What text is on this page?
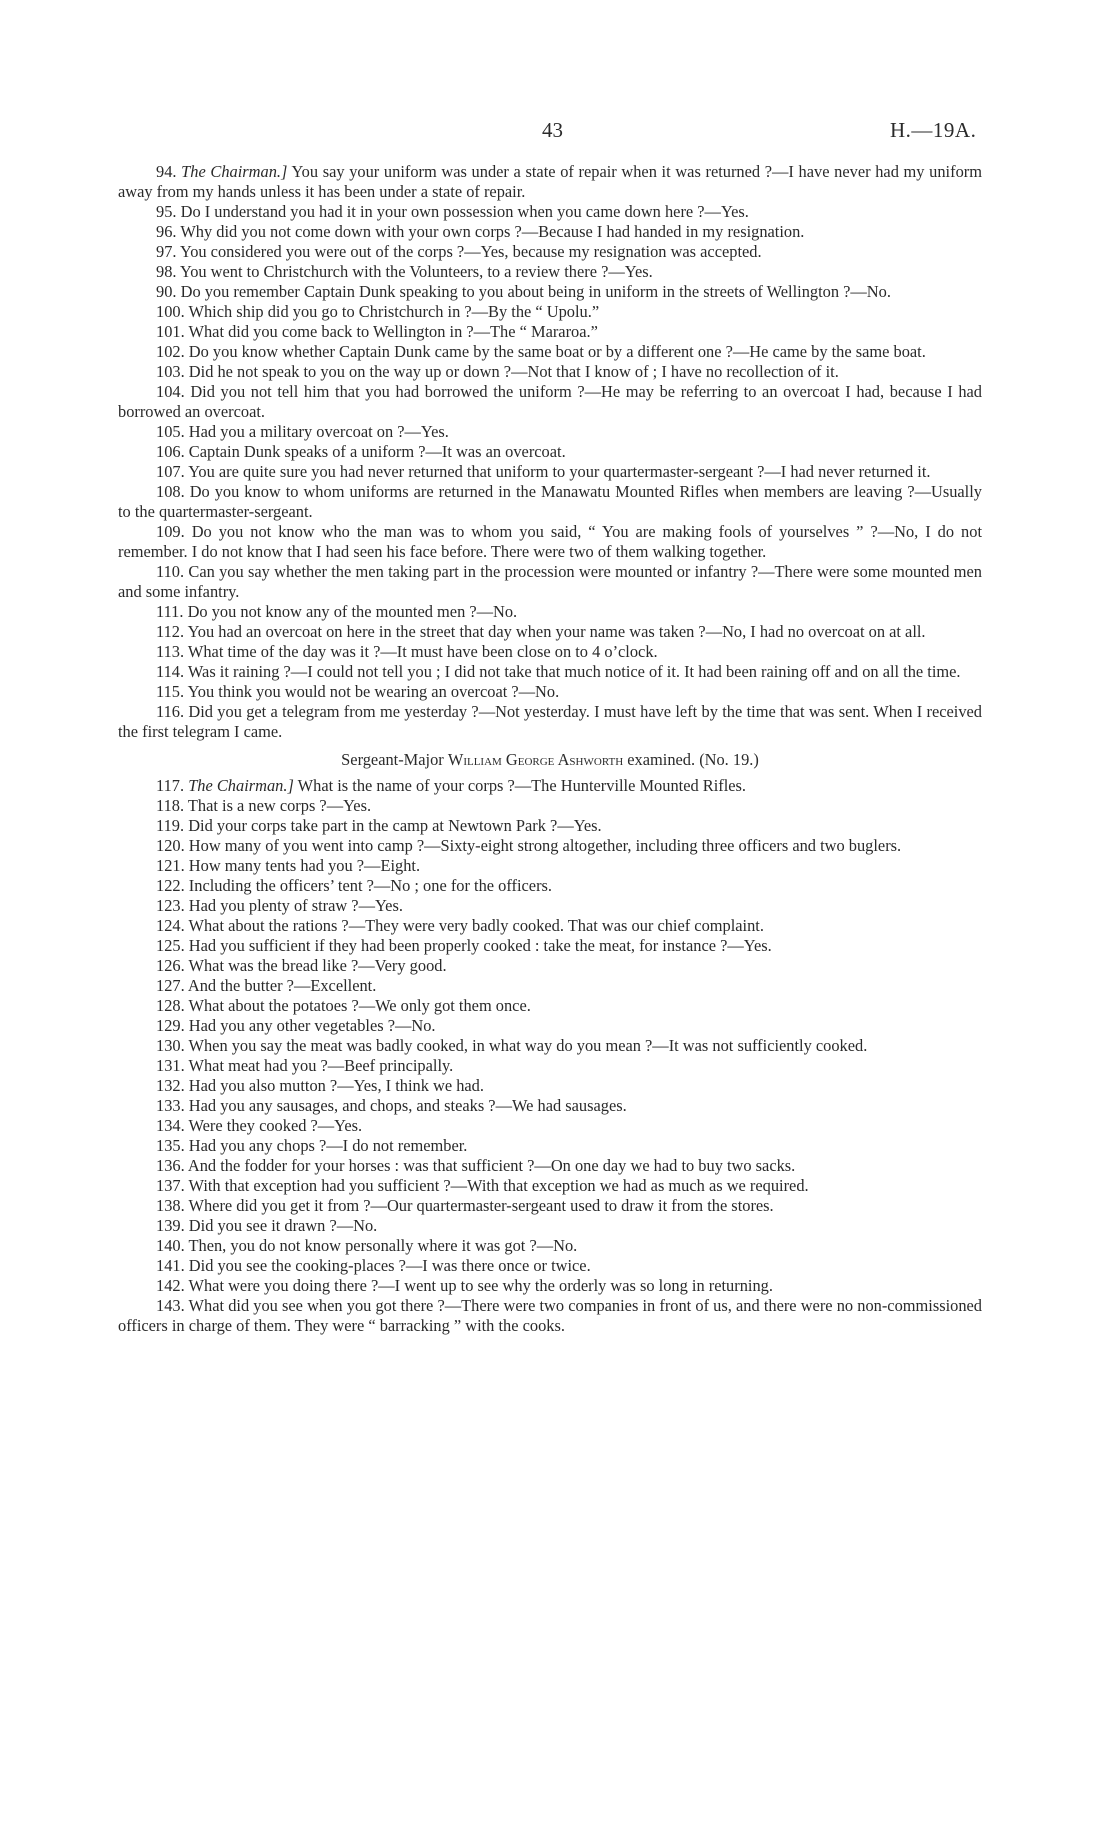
43	H.—19A.

94. The Chairman.] You say your uniform was under a state of repair when it was returned ?—I have never had my uniform away from my hands unless it has been under a state of repair.

95. Do I understand you had it in your own possession when you came down here ?—Yes.

96. Why did you not come down with your own corps ?—Because I had handed in my resignation.

97. You considered you were out of the corps ?—Yes, because my resignation was accepted.

98. You went to Christchurch with the Volunteers, to a review there ?—Yes.

90. Do you remember Captain Dunk speaking to you about being in uniform in the streets of Wellington ?—No.

100. Which ship did you go to Christchurch in ?—By the “ Upolu.”

101. What did you come back to Wellington in ?—The “ Mararoa.”

102. Do you know whether Captain Dunk came by the same boat or by a different one ?—He came by the same boat.

103. Did he not speak to you on the way up or down ?—Not that I know of ; I have no recollection of it.

104. Did you not tell him that you had borrowed the uniform ?—He may be referring to an overcoat I had, because I had borrowed an overcoat.

105. Had you a military overcoat on ?—Yes.

106. Captain Dunk speaks of a uniform ?—It was an overcoat.

107. You are quite sure you had never returned that uniform to your quartermaster-sergeant ?—I had never returned it.

108. Do you know to whom uniforms are returned in the Manawatu Mounted Rifles when members are leaving ?—Usually to the quartermaster-sergeant.

109. Do you not know who the man was to whom you said, “ You are making fools of yourselves ” ?—No, I do not remember. I do not know that I had seen his face before. There were two of them walking together.

110. Can you say whether the men taking part in the procession were mounted or infantry ?—There were some mounted men and some infantry.

111. Do you not know any of the mounted men ?—No.

112. You had an overcoat on here in the street that day when your name was taken ?—No, I had no overcoat on at all.

113. What time of the day was it ?—It must have been close on to 4 o’clock.

114. Was it raining ?—I could not tell you ; I did not take that much notice of it. It had been raining off and on all the time.

115. You think you would not be wearing an overcoat ?—No.

116. Did you get a telegram from me yesterday ?—Not yesterday. I must have left by the time that was sent. When I received the first telegram I came.

Sergeant-Major William George Ashworth examined. (No. 19.)

117. The Chairman.] What is the name of your corps ?—The Hunterville Mounted Rifles.

118. That is a new corps ?—Yes.

119. Did your corps take part in the camp at Newtown Park ?—Yes.

120. How many of you went into camp ?—Sixty-eight strong altogether, including three officers and two buglers.

121. How many tents had you ?—Eight.

122. Including the officers’ tent ?—No ; one for the officers.

123. Had you plenty of straw ?—Yes.

124. What about the rations ?—They were very badly cooked. That was our chief complaint.

125. Had you sufficient if they had been properly cooked : take the meat, for instance ?—Yes.

126. What was the bread like ?—Very good.

127. And the butter ?—Excellent.

128. What about the potatoes ?—We only got them once.

129. Had you any other vegetables ?—No.

130. When you say the meat was badly cooked, in what way do you mean ?—It was not sufficiently cooked.

131. What meat had you ?—Beef principally.

132. Had you also mutton ?—Yes, I think we had.

133. Had you any sausages, and chops, and steaks ?—We had sausages.

134. Were they cooked ?—Yes.

135. Had you any chops ?—I do not remember.

136. And the fodder for your horses : was that sufficient ?—On one day we had to buy two sacks.

137. With that exception had you sufficient ?—With that exception we had as much as we required.

138. Where did you get it from ?—Our quartermaster-sergeant used to draw it from the stores.

139. Did you see it drawn ?—No.

140. Then, you do not know personally where it was got ?—No.

141. Did you see the cooking-places ?—I was there once or twice.

142. What were you doing there ?—I went up to see why the orderly was so long in returning.

143. What did you see when you got there ?—There were two companies in front of us, and there were no non-commissioned officers in charge of them. They were “ barracking ” with the cooks.
